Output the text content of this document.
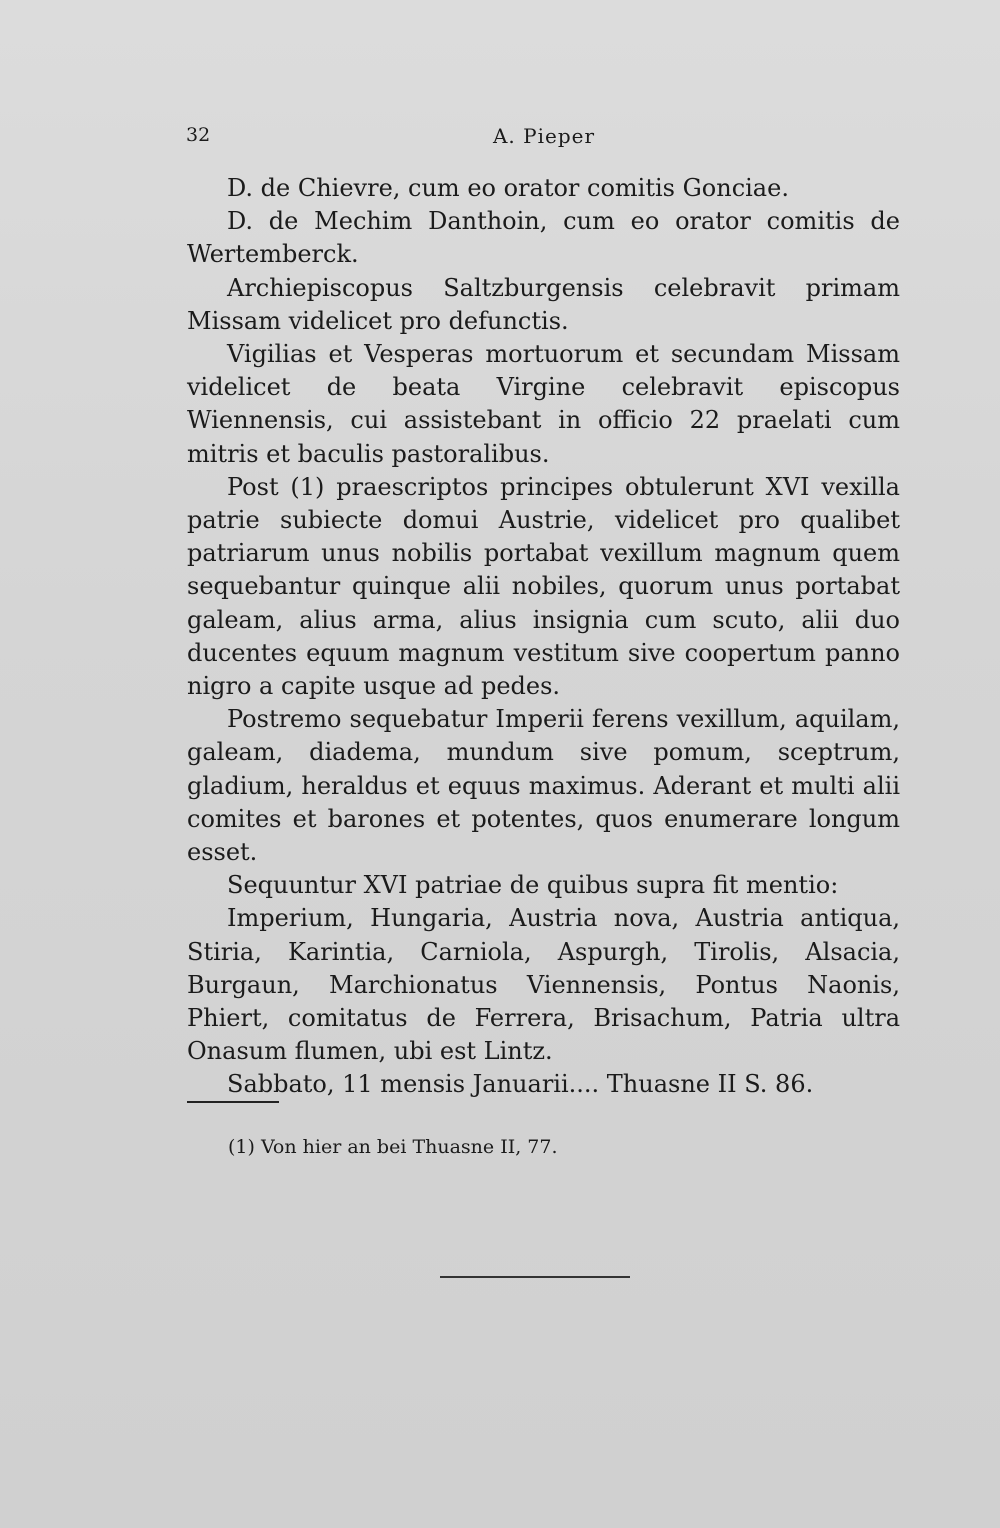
32	A. Pieper

D. de Chievre, cum eo orator comitis Gonciae.

D. de Mechim Danthoin, cum eo orator comitis de Wertemberck.

Archiepiscopus Saltzburgensis celebravit primam Missam videlicet pro defunctis.

Vigilias et Vesperas mortuorum et secundam Missam videlicet de beata Virgine celebravit episcopus Wiennensis, cui assistebant in officio 22 praelati cum mitris et baculis pastoralibus.

Post (1) praescriptos principes obtulerunt XVI vexilla patrie subiecte domui Austrie, videlicet pro qualibet patriarum unus nobilis portabat vexillum magnum quem sequebantur quinque alii nobiles, quorum unus portabat galeam, alius arma, alius insignia cum scuto, alii duo ducentes equum magnum vestitum sive coopertum panno nigro a capite usque ad pedes.

Postremo sequebatur Imperii ferens vexillum, aquilam, galeam, diadema, mundum sive pomum, sceptrum, gladium, heraldus et equus maximus. Aderant et multi alii comites et barones et potentes, quos enumerare longum esset.

Sequuntur XVI patriae de quibus supra fit mentio:

Imperium, Hungaria, Austria nova, Austria antiqua, Stiria, Karintia, Carniola, Aspurgh, Tirolis, Alsacia, Burgaun, Marchionatus Viennensis, Pontus Naonis, Phiert, comitatus de Ferrera, Brisachum, Patria ultra Onasum flumen, ubi est Lintz.

Sabbato, 11 mensis Januarii.... Thuasne II S. 86.

(1) Von hier an bei Thuasne II, 77.
